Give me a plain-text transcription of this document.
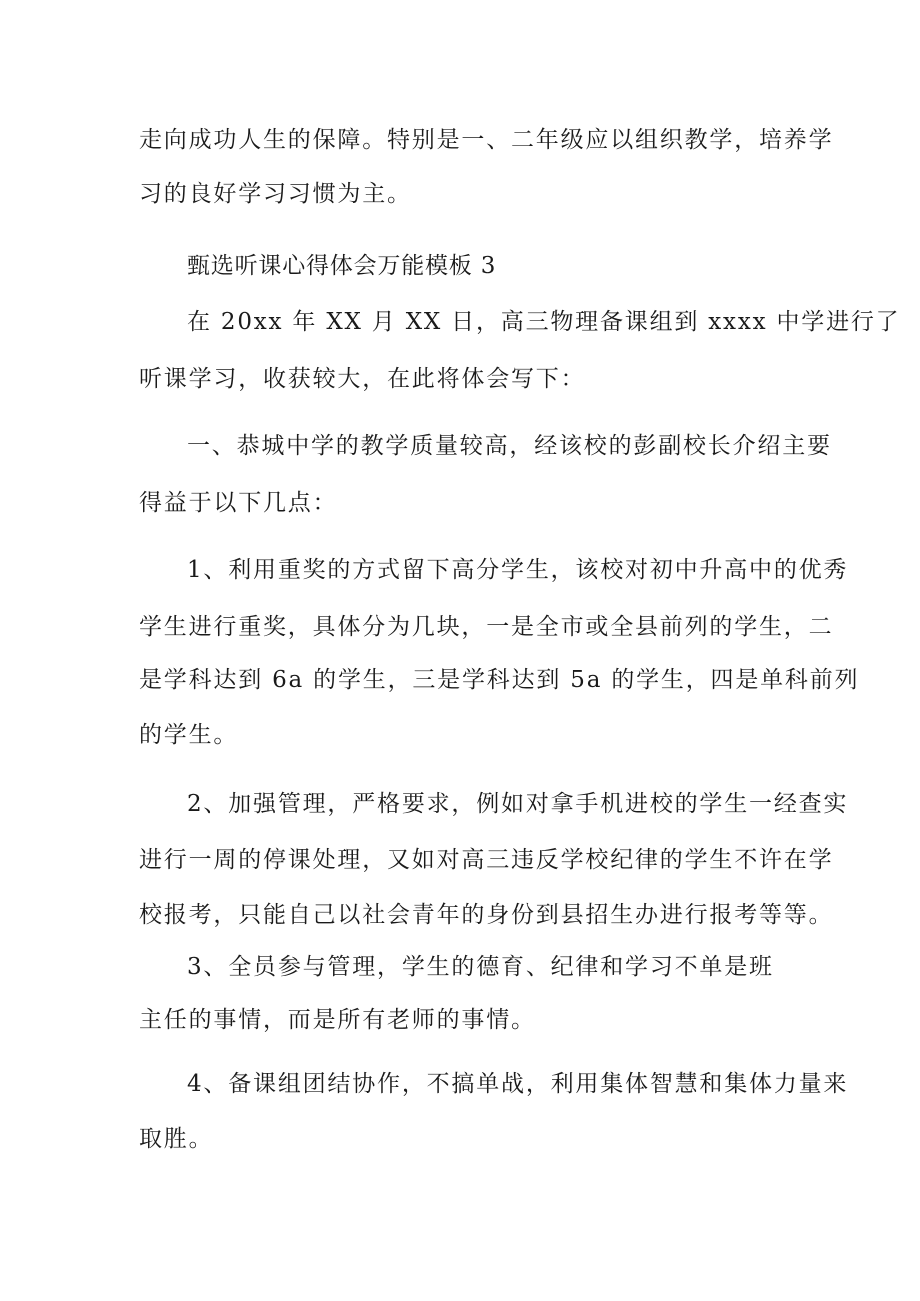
走向成功人生的保障。特别是一、二年级应以组织教学，培养学
习的良好学习习惯为主。
甄选听课心得体会万能模板 3
在 20xx 年 XX 月 XX 日，高三物理备课组到 xxxx 中学进行了
听课学习，收获较大，在此将体会写下：
一、恭城中学的教学质量较高，经该校的彭副校长介绍主要
得益于以下几点：
1、利用重奖的方式留下高分学生，该校对初中升高中的优秀
学生进行重奖，具体分为几块，一是全市或全县前列的学生，二
是学科达到 6a 的学生，三是学科达到 5a 的学生，四是单科前列
的学生。
2、加强管理，严格要求，例如对拿手机进校的学生一经查实
进行一周的停课处理，又如对高三违反学校纪律的学生不许在学
校报考，只能自己以社会青年的身份到县招生办进行报考等等。
3、全员参与管理，学生的德育、纪律和学习不单是班
主任的事情，而是所有老师的事情。
4、备课组团结协作，不搞单战，利用集体智慧和集体力量来
取胜。
